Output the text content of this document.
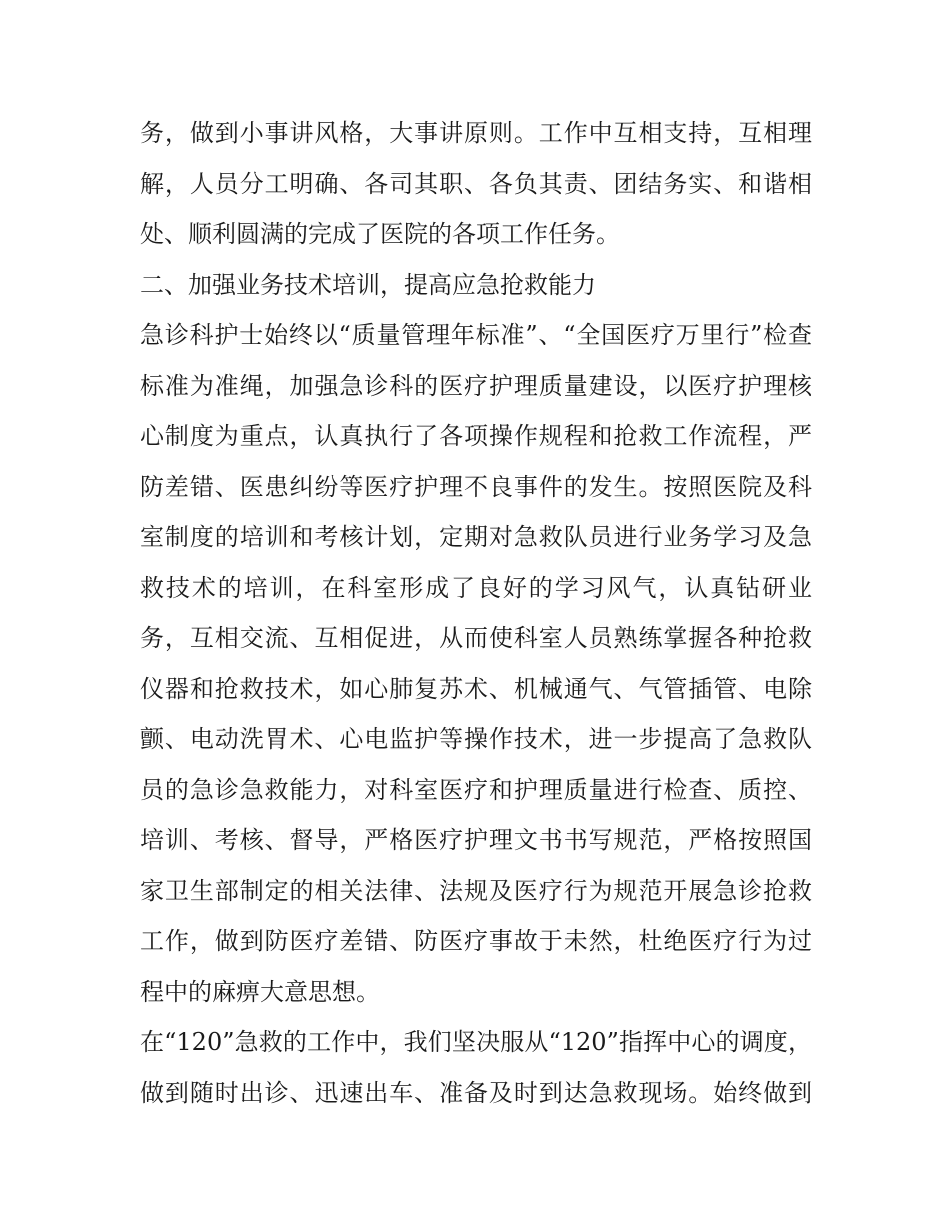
务，做到小事讲风格，大事讲原则。工作中互相支持，互相理
解，人员分工明确、各司其职、各负其责、团结务实、和谐相
处、顺利圆满的完成了医院的各项工作任务。
二、加强业务技术培训，提高应急抢救能力
急诊科护士始终以“质量管理年标准”、“全国医疗万里行”检查
标准为准绳，加强急诊科的医疗护理质量建设，以医疗护理核
心制度为重点，认真执行了各项操作规程和抢救工作流程，严
防差错、医患纠纷等医疗护理不良事件的发生。按照医院及科
室制度的培训和考核计划，定期对急救队员进行业务学习及急
救技术的培训，在科室形成了良好的学习风气，认真钻研业
务，互相交流、互相促进，从而使科室人员熟练掌握各种抢救
仪器和抢救技术，如心肺复苏术、机械通气、气管插管、电除
颤、电动洗胃术、心电监护等操作技术，进一步提高了急救队
员的急诊急救能力，对科室医疗和护理质量进行检查、质控、
培训、考核、督导，严格医疗护理文书书写规范，严格按照国
家卫生部制定的相关法律、法规及医疗行为规范开展急诊抢救
工作，做到防医疗差错、防医疗事故于未然，杜绝医疗行为过
程中的麻痹大意思想。
在“120”急救的工作中，我们坚决服从“120”指挥中心的调度，
做到随时出诊、迅速出车、准备及时到达急救现场。始终做到
